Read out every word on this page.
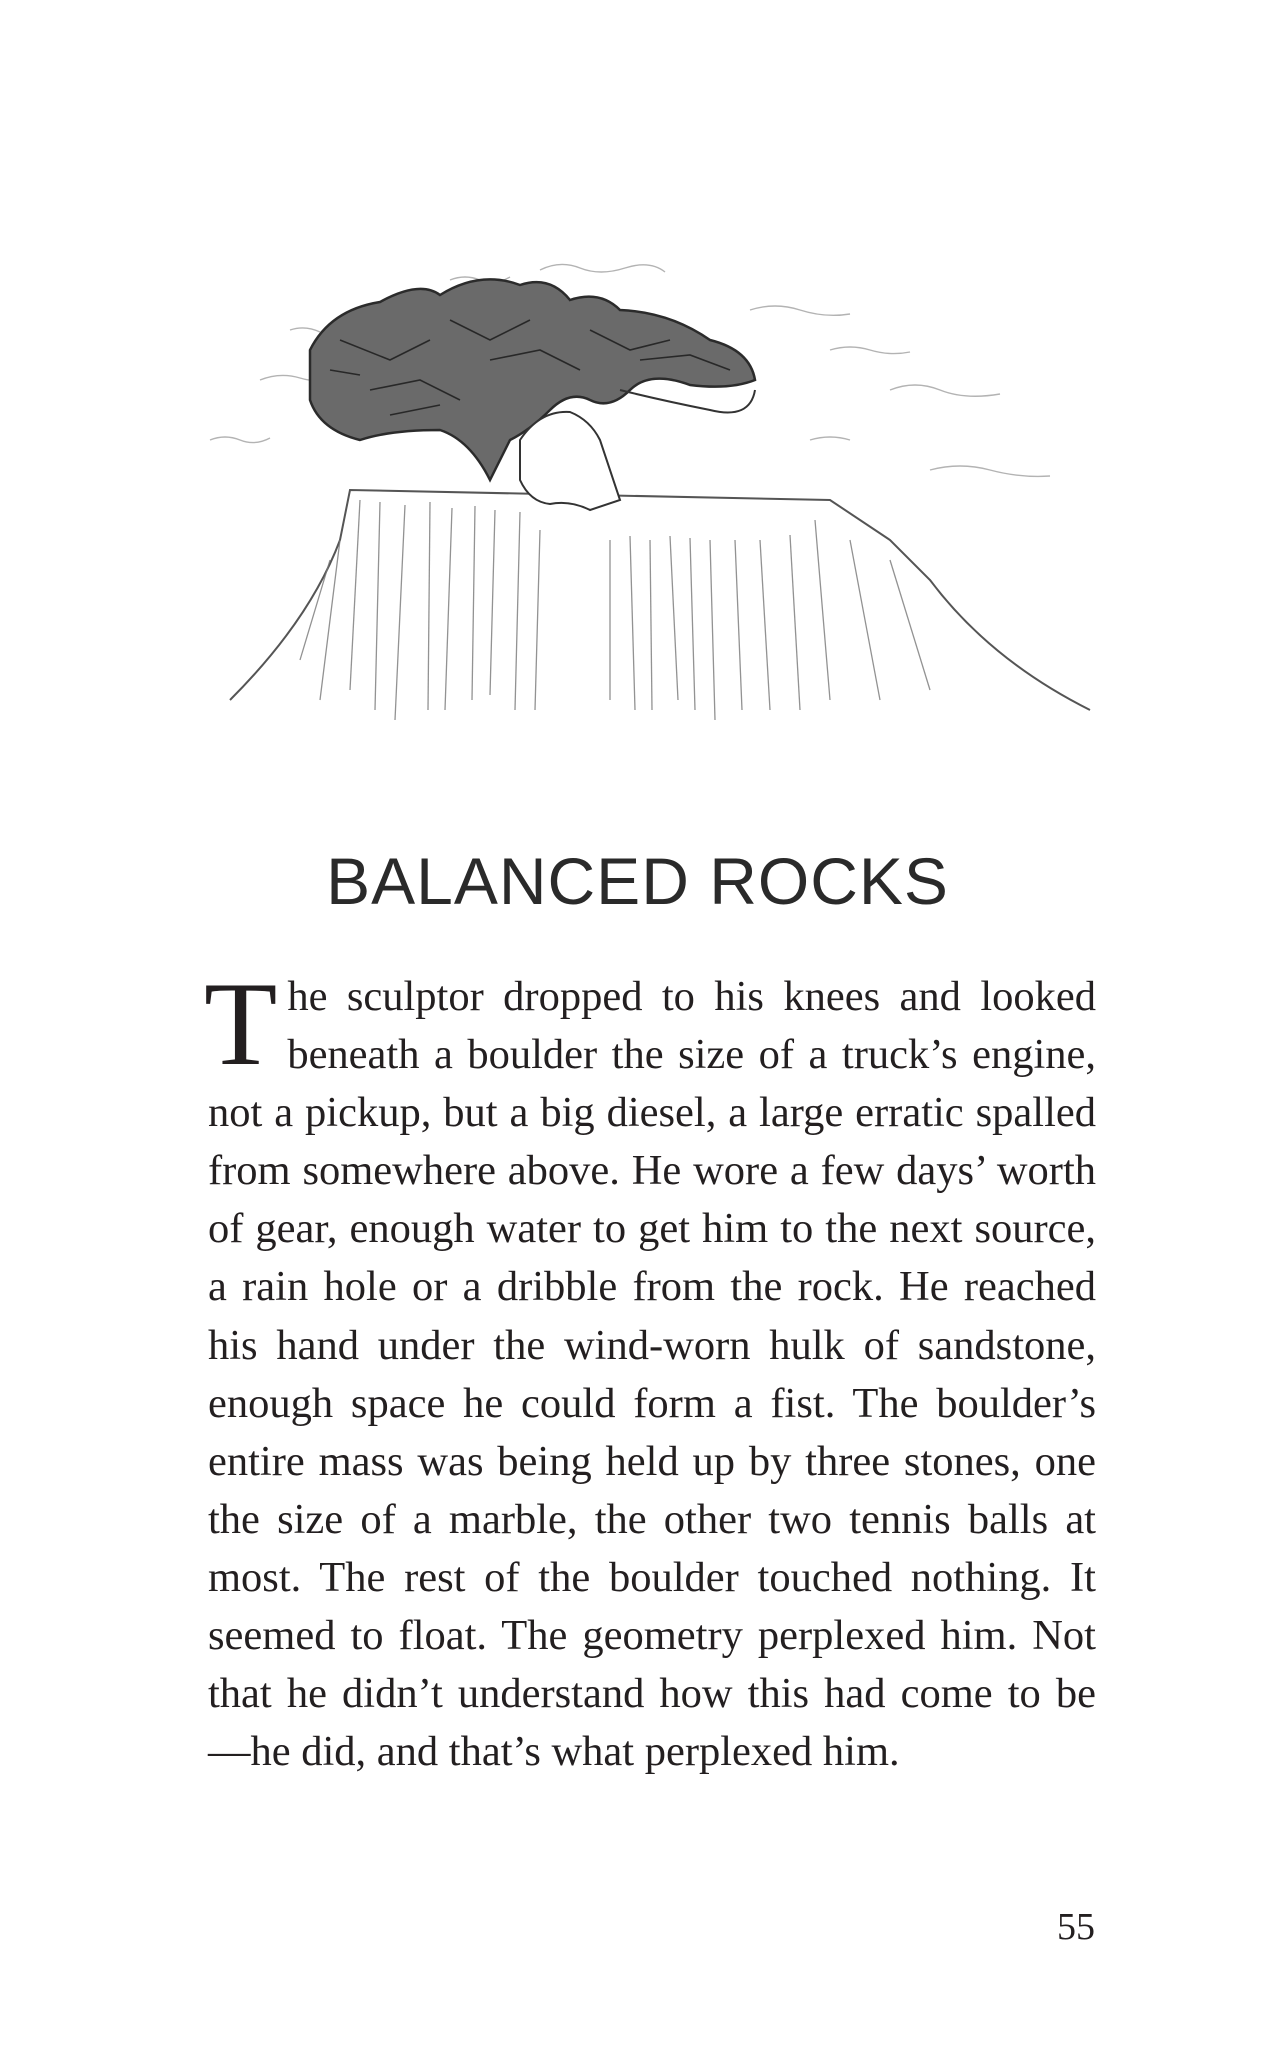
BALANCED ROCKS

The sculptor dropped to his knees and looked beneath a boulder the size of a truck’s engine, not a pickup, but a big diesel, a large erratic spalled from somewhere above. He wore a few days’ worth of gear, enough water to get him to the next source, a rain hole or a dribble from the rock. He reached his hand under the wind-worn hulk of sandstone, enough space he could form a fist. The boulder’s entire mass was being held up by three stones, one the size of a marble, the other two tennis balls at most. The rest of the boulder touched nothing. It seemed to float. The geometry perplexed him. Not that he didn’t understand how this had come to be—he did, and that’s what perplexed him.

55
